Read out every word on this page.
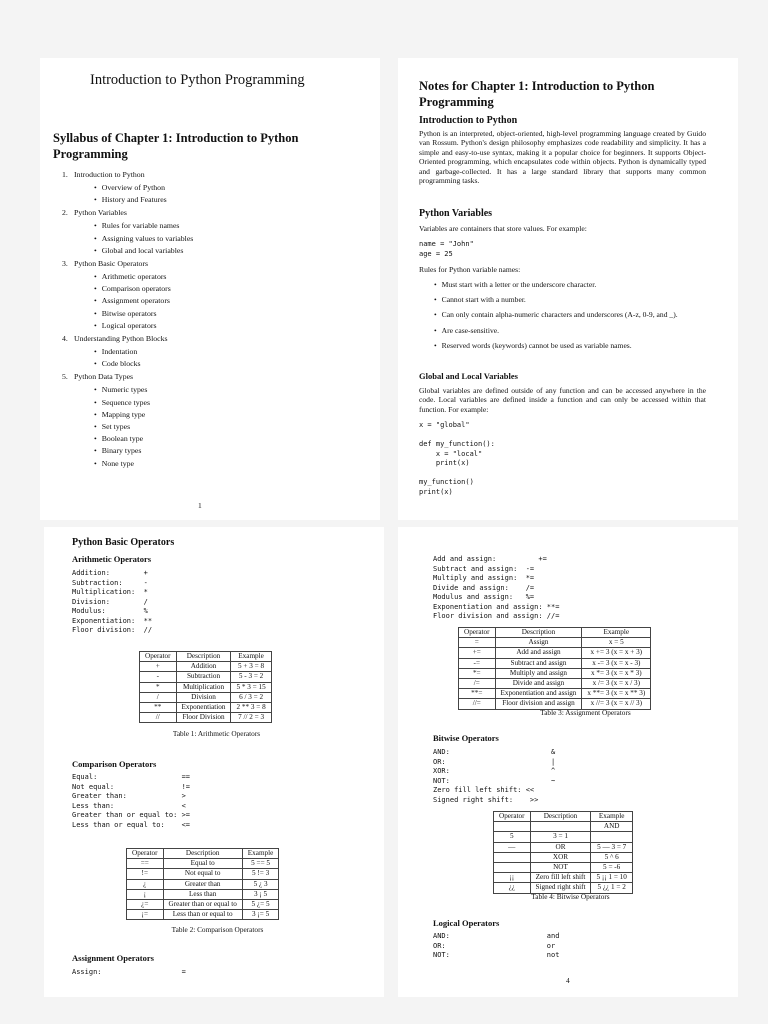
Introduction to Python Programming
Syllabus of Chapter 1: Introduction to Python Programming
1. Introduction to Python
• Overview of Python
• History and Features
2. Python Variables
• Rules for variable names
• Assigning values to variables
• Global and local variables
3. Python Basic Operators
• Arithmetic operators
• Comparison operators
• Assignment operators
• Bitwise operators
• Logical operators
4. Understanding Python Blocks
• Indentation
• Code blocks
5. Python Data Types
• Numeric types
• Sequence types
• Mapping type
• Set types
• Boolean type
• Binary types
• None type
1
Notes for Chapter 1: Introduction to Python Programming
Introduction to Python
Python is an interpreted, object-oriented, high-level programming language created by Guido van Rossum. Python's design philosophy emphasizes code readability and simplicity. It has a simple and easy-to-use syntax, making it a popular choice for beginners. It supports Object-Oriented programming, which encapsulates code within objects. Python is dynamically typed and garbage-collected. It has a large standard library that supports many common programming tasks.
Python Variables
Variables are containers that store values. For example:
name = "John"
age = 25
Rules for Python variable names:
• Must start with a letter or the underscore character.
• Cannot start with a number.
• Can only contain alpha-numeric characters and underscores (A-z, 0-9, and _).
• Are case-sensitive.
• Reserved words (keywords) cannot be used as variable names.
Global and Local Variables
Global variables are defined outside of any function and can be accessed anywhere in the code. Local variables are defined inside a function and can only be accessed within that function. For example:
x = "global"

def my_function():
x = "local"
print(x)

my_function()
print(x)
Python Basic Operators
Arithmetic Operators
Addition:        +
Subtraction:     -
Multiplication:  *
Division:        /
Modulus:         %
Exponentiation:  **
Floor division:  //
Operator	Description	Example
+	Addition	5 + 3 = 8
-	Subtraction	5 - 3 = 2
*	Multiplication	5 * 3 = 15
/	Division	6 / 3 = 2
**	Exponentiation	2 ** 3 = 8
//	Floor Division	7 // 2 = 3
Table 1: Arithmetic Operators
Comparison Operators
Equal:                    ==
Not equal:                !=
Greater than:             >
Less than:                <
Greater than or equal to: >=
Less than or equal to:    <=
Operator	Description	Example
==	Equal to	5 == 5
!=	Not equal to	5 != 3
¿	Greater than	5 ¿ 3
¡	Less than	3 ¡ 5
¿=	Greater than or equal to	5 ¿= 5
¡=	Less than or equal to	3 ¡= 5
Table 2: Comparison Operators
Assignment Operators
Assign:                   =
Add and assign:          +=
Subtract and assign:  -=
Multiply and assign:  *=
Divide and assign:    /=
Modulus and assign:   %=
Exponentiation and assign: **=
Floor division and assign: //=
Operator	Description	Example
=	Assign	x = 5
+=	Add and assign	x += 3 (x = x + 3)
-=	Subtract and assign	x -= 3 (x = x - 3)
*=	Multiply and assign	x *= 3 (x = x * 3)
/=	Divide and assign	x /= 3 (x = x / 3)
**=	Exponentiation and assign	x **= 3 (x = x ** 3)
//=	Floor division and assign	x //= 3 (x = x // 3)
Table 3: Assignment Operators
Bitwise Operators
AND:                        &
OR:                         |
XOR:                        ^
NOT:                        ~
Zero fill left shift: <<
Signed right shift:    >>
Operator	Description	Example
		AND
5	3 = 1	
—	OR	5 — 3 = 7
	XOR	5 ^ 6
	NOT	5 = -6
¡¡	Zero fill left shift	5 ¡¡ 1 = 10
¿¿	Signed right shift	5 ¿¿ 1 = 2
Table 4: Bitwise Operators
Logical Operators
AND:                       and
OR:                        or
NOT:                       not
4
